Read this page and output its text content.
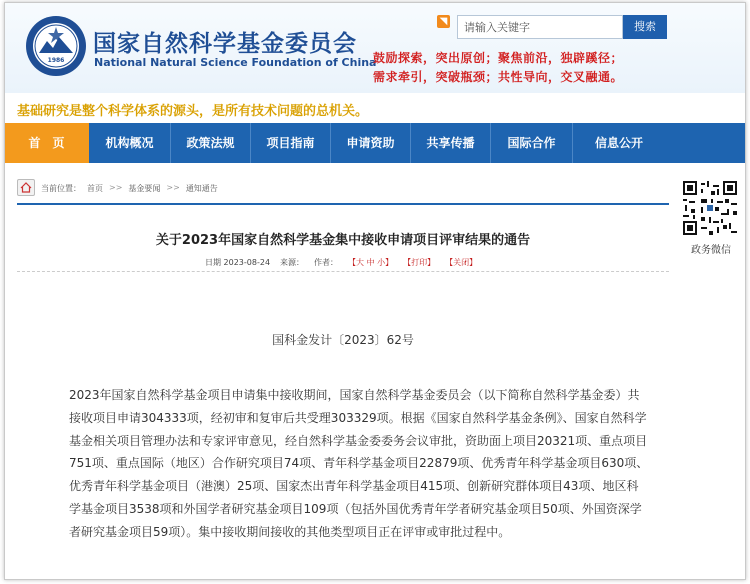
1986
国家自然科学基金委员会
National Natural Science Foundation of China
◥
请输入关键字	搜索
鼓励探索，突出原创；聚焦前沿，独辟蹊径；
需求牵引，突破瓶颈；共性导向，交叉融通。
基础研究是整个科学体系的源头，是所有技术问题的总机关。
首　页	机构概况	政策法规	项目指南	申请资助	共享传播	国际合作	信息公开
当前位置： 首页 >> 基金要闻 >> 通知通告
政务微信
关于2023年国家自然科学基金集中接收申请项目评审结果的通告
日期 2023-08-24 来源： 作者： 【大 中 小】 【打印】 【关闭】
国科金发计〔2023〕62号

2023年国家自然科学基金项目申请集中接收期间，国家自然科学基金委员会（以下简称自然科学基金委）共接收项目申请304333项，经初审和复审后共受理303329项。根据《国家自然科学基金条例》、国家自然科学基金相关项目管理办法和专家评审意见，经自然科学基金委委务会议审批，资助面上项目20321项、重点项目751项、重点国际（地区）合作研究项目74项、青年科学基金项目22879项、优秀青年科学基金项目630项、优秀青年科学基金项目（港澳）25项、国家杰出青年科学基金项目415项、创新研究群体项目43项、地区科学基金项目3538项和外国学者研究基金项目109项（包括外国优秀青年学者研究基金项目50项、外国资深学者研究基金项目59项）。集中接收期间接收的其他类型项目正在评审或审批过程中。
